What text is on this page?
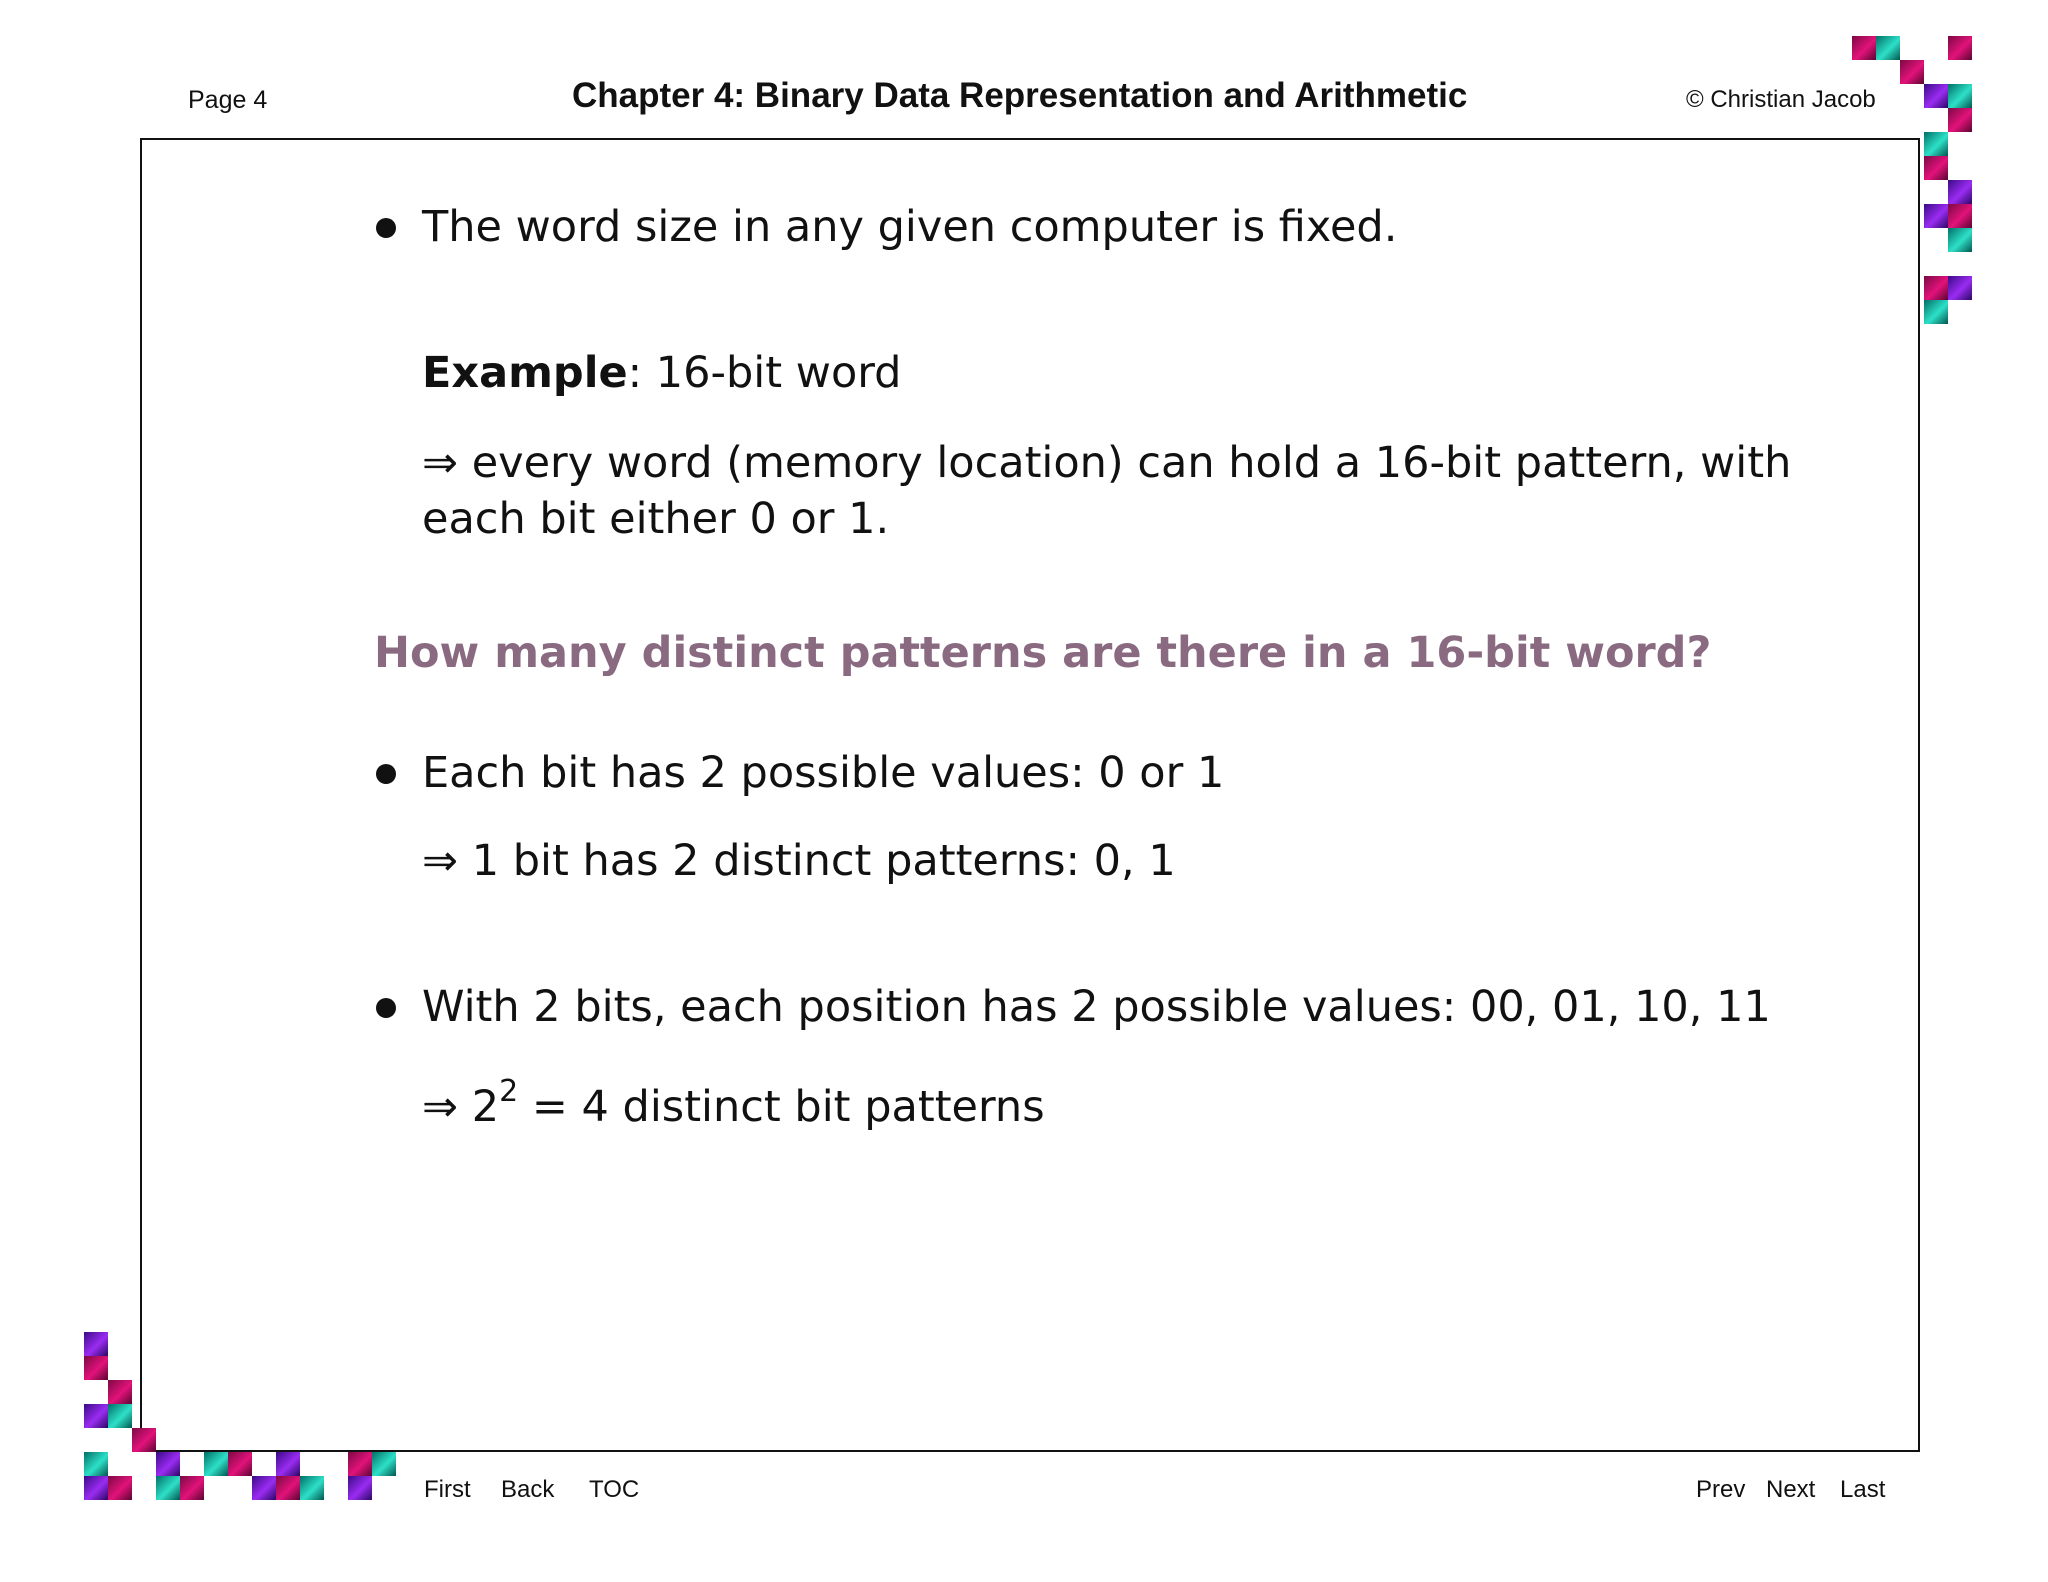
Page 4	Chapter 4: Binary Data Representation and Arithmetic	© Christian Jacob
The word size in any given computer is fixed.
Example: 16-bit word
⇒ every word (memory location) can hold a 16-bit pattern, with
each bit either 0 or 1.
How many distinct patterns are there in a 16-bit word?
Each bit has 2 possible values: 0 or 1
⇒ 1 bit has 2 distinct patterns: 0, 1
With 2 bits, each position has 2 possible values: 00, 01, 10, 11
⇒ $2^2 = 4$ distinct bit patterns
First Back TOC	Prev Next Last
